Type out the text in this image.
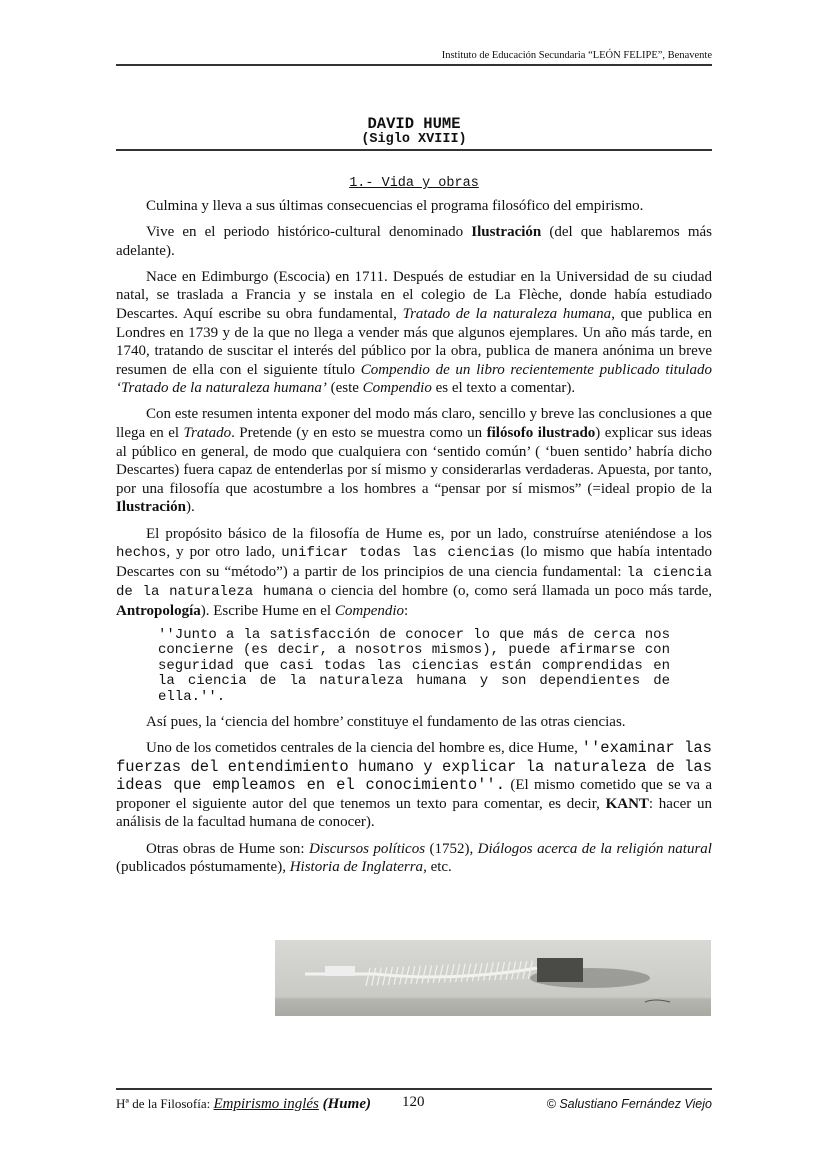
Instituto de Educación Secundaria “LEÓN FELIPE”, Benavente
DAVID HUME
(Siglo XVIII)
1.- Vida y obras

Culmina y lleva a sus últimas consecuencias el programa filosófico del empirismo.

Vive en el periodo histórico-cultural denominado Ilustración (del que hablaremos más adelante).

Nace en Edimburgo (Escocia) en 1711. Después de estudiar en la Universidad de su ciudad natal, se traslada a Francia y se instala en el colegio de La Flèche, donde había estudiado Descartes. Aquí escribe su obra fundamental, Tratado de la naturaleza humana, que publica en Londres en 1739 y de la que no llega a vender más que algunos ejemplares. Un año más tarde, en 1740, tratando de suscitar el interés del público por la obra, publica de manera anónima un breve resumen de ella con el siguiente título Compendio de un libro recientemente publicado titulado ‘Tratado de la naturaleza humana’ (este Compendio es el texto a comentar).

Con este resumen intenta exponer del modo más claro, sencillo y breve las conclusiones a que llega en el Tratado. Pretende (y en esto se muestra como un filósofo ilustrado) explicar sus ideas al público en general, de modo que cualquiera con ‘sentido común’ ( ‘buen sentido’ habría dicho Descartes) fuera capaz de entenderlas por sí mismo y considerarlas verdaderas. Apuesta, por tanto, por una filosofía que acostumbre a los hombres a “pensar por sí mismos” (=ideal propio de la Ilustración).

El propósito básico de la filosofía de Hume es, por un lado, construírse ateniéndose a los hechos, y por otro lado, unificar todas las ciencias (lo mismo que había intentado Descartes con su “método”) a partir de los principios de una ciencia fundamental: la ciencia de la naturaleza humana o ciencia del hombre (o, como será llamada un poco más tarde, Antropología). Escribe Hume en el Compendio:

''Junto a la satisfacción de conocer lo que más de cerca nos concierne (es decir, a nosotros mismos), puede afirmarse con seguridad que casi todas las ciencias están comprendidas en la ciencia de la naturaleza humana y son dependientes de ella.''.

Así pues, la ‘ciencia del hombre’ constituye el fundamento de las otras ciencias.

Uno de los cometidos centrales de la ciencia del hombre es, dice Hume, ''examinar las fuerzas del entendimiento humano y explicar la naturaleza de las ideas que empleamos en el conocimiento''. (El mismo cometido que se va a proponer el siguiente autor del que tenemos un texto para comentar, es decir, KANT: hacer un análisis de la facultad humana de conocer).

Otras obras de Hume son: Discursos políticos (1752), Diálogos acerca de la religión natural (publicados póstumamente), Historia de Inglaterra, etc.

Hª de la Filosofía: Empirismo inglés (Hume) 120	© Salustiano Fernández Viejo
